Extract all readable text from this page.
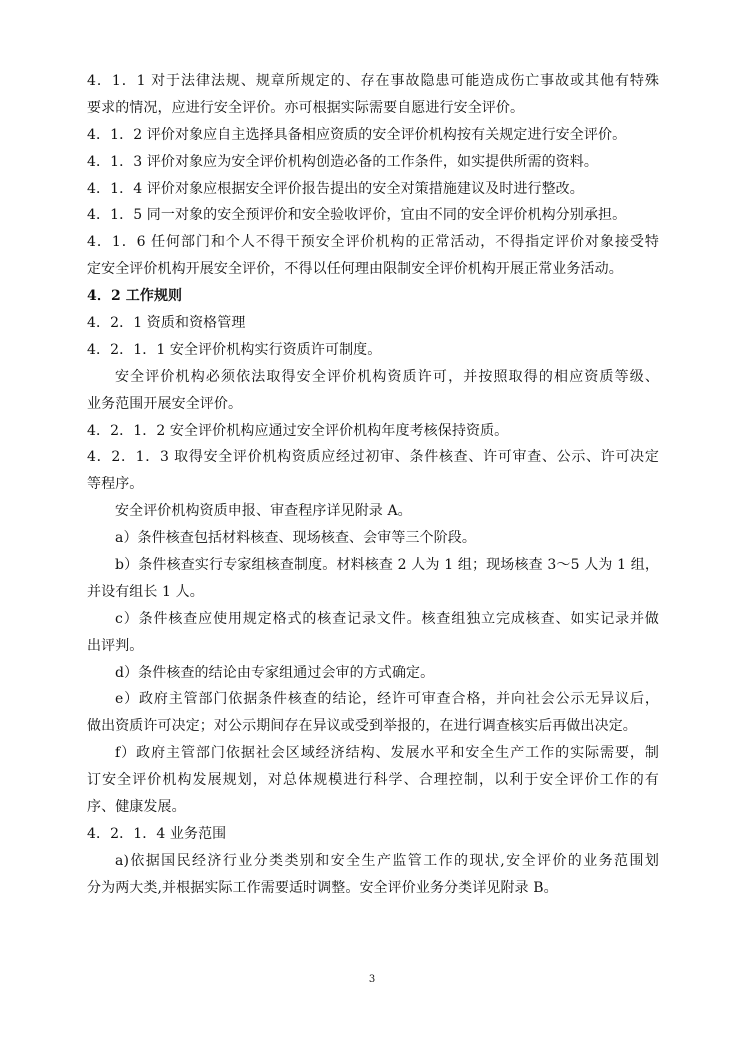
4．1．1 对于法律法规、规章所规定的、存在事故隐患可能造成伤亡事故或其他有特殊
要求的情况，应进行安全评价。亦可根据实际需要自愿进行安全评价。
4．1．2 评价对象应自主选择具备相应资质的安全评价机构按有关规定进行安全评价。
4．1．3 评价对象应为安全评价机构创造必备的工作条件，如实提供所需的资料。
4．1．4 评价对象应根据安全评价报告提出的安全对策措施建议及时进行整改。
4．1．5 同一对象的安全预评价和安全验收评价，宜由不同的安全评价机构分别承担。
4．1．6 任何部门和个人不得干预安全评价机构的正常活动，不得指定评价对象接受特
定安全评价机构开展安全评价，不得以任何理由限制安全评价机构开展正常业务活动。
4．2 工作规则
4．2．1 资质和资格管理
4．2．1．1 安全评价机构实行资质许可制度。
安全评价机构必须依法取得安全评价机构资质许可，并按照取得的相应资质等级、
业务范围开展安全评价。
4．2．1．2 安全评价机构应通过安全评价机构年度考核保持资质。
4．2．1．3 取得安全评价机构资质应经过初审、条件核查、许可审查、公示、许可决定
等程序。
安全评价机构资质申报、审查程序详见附录 A。
a）条件核查包括材料核查、现场核查、会审等三个阶段。
b）条件核查实行专家组核查制度。材料核查 2 人为 1 组；现场核查 3～5 人为 1 组，
并设有组长 1 人。
c）条件核查应使用规定格式的核查记录文件。核查组独立完成核查、如实记录并做
出评判。
d）条件核查的结论由专家组通过会审的方式确定。
e）政府主管部门依据条件核查的结论，经许可审查合格，并向社会公示无异议后，
做出资质许可决定；对公示期间存在异议或受到举报的，在进行调查核实后再做出决定。
f）政府主管部门依据社会区域经济结构、发展水平和安全生产工作的实际需要，制
订安全评价机构发展规划，对总体规模进行科学、合理控制，以利于安全评价工作的有
序、健康发展。
4．2．1．4 业务范围
a)依据国民经济行业分类类别和安全生产监管工作的现状,安全评价的业务范围划
分为两大类,并根据实际工作需要适时调整。安全评价业务分类详见附录 B。
3
